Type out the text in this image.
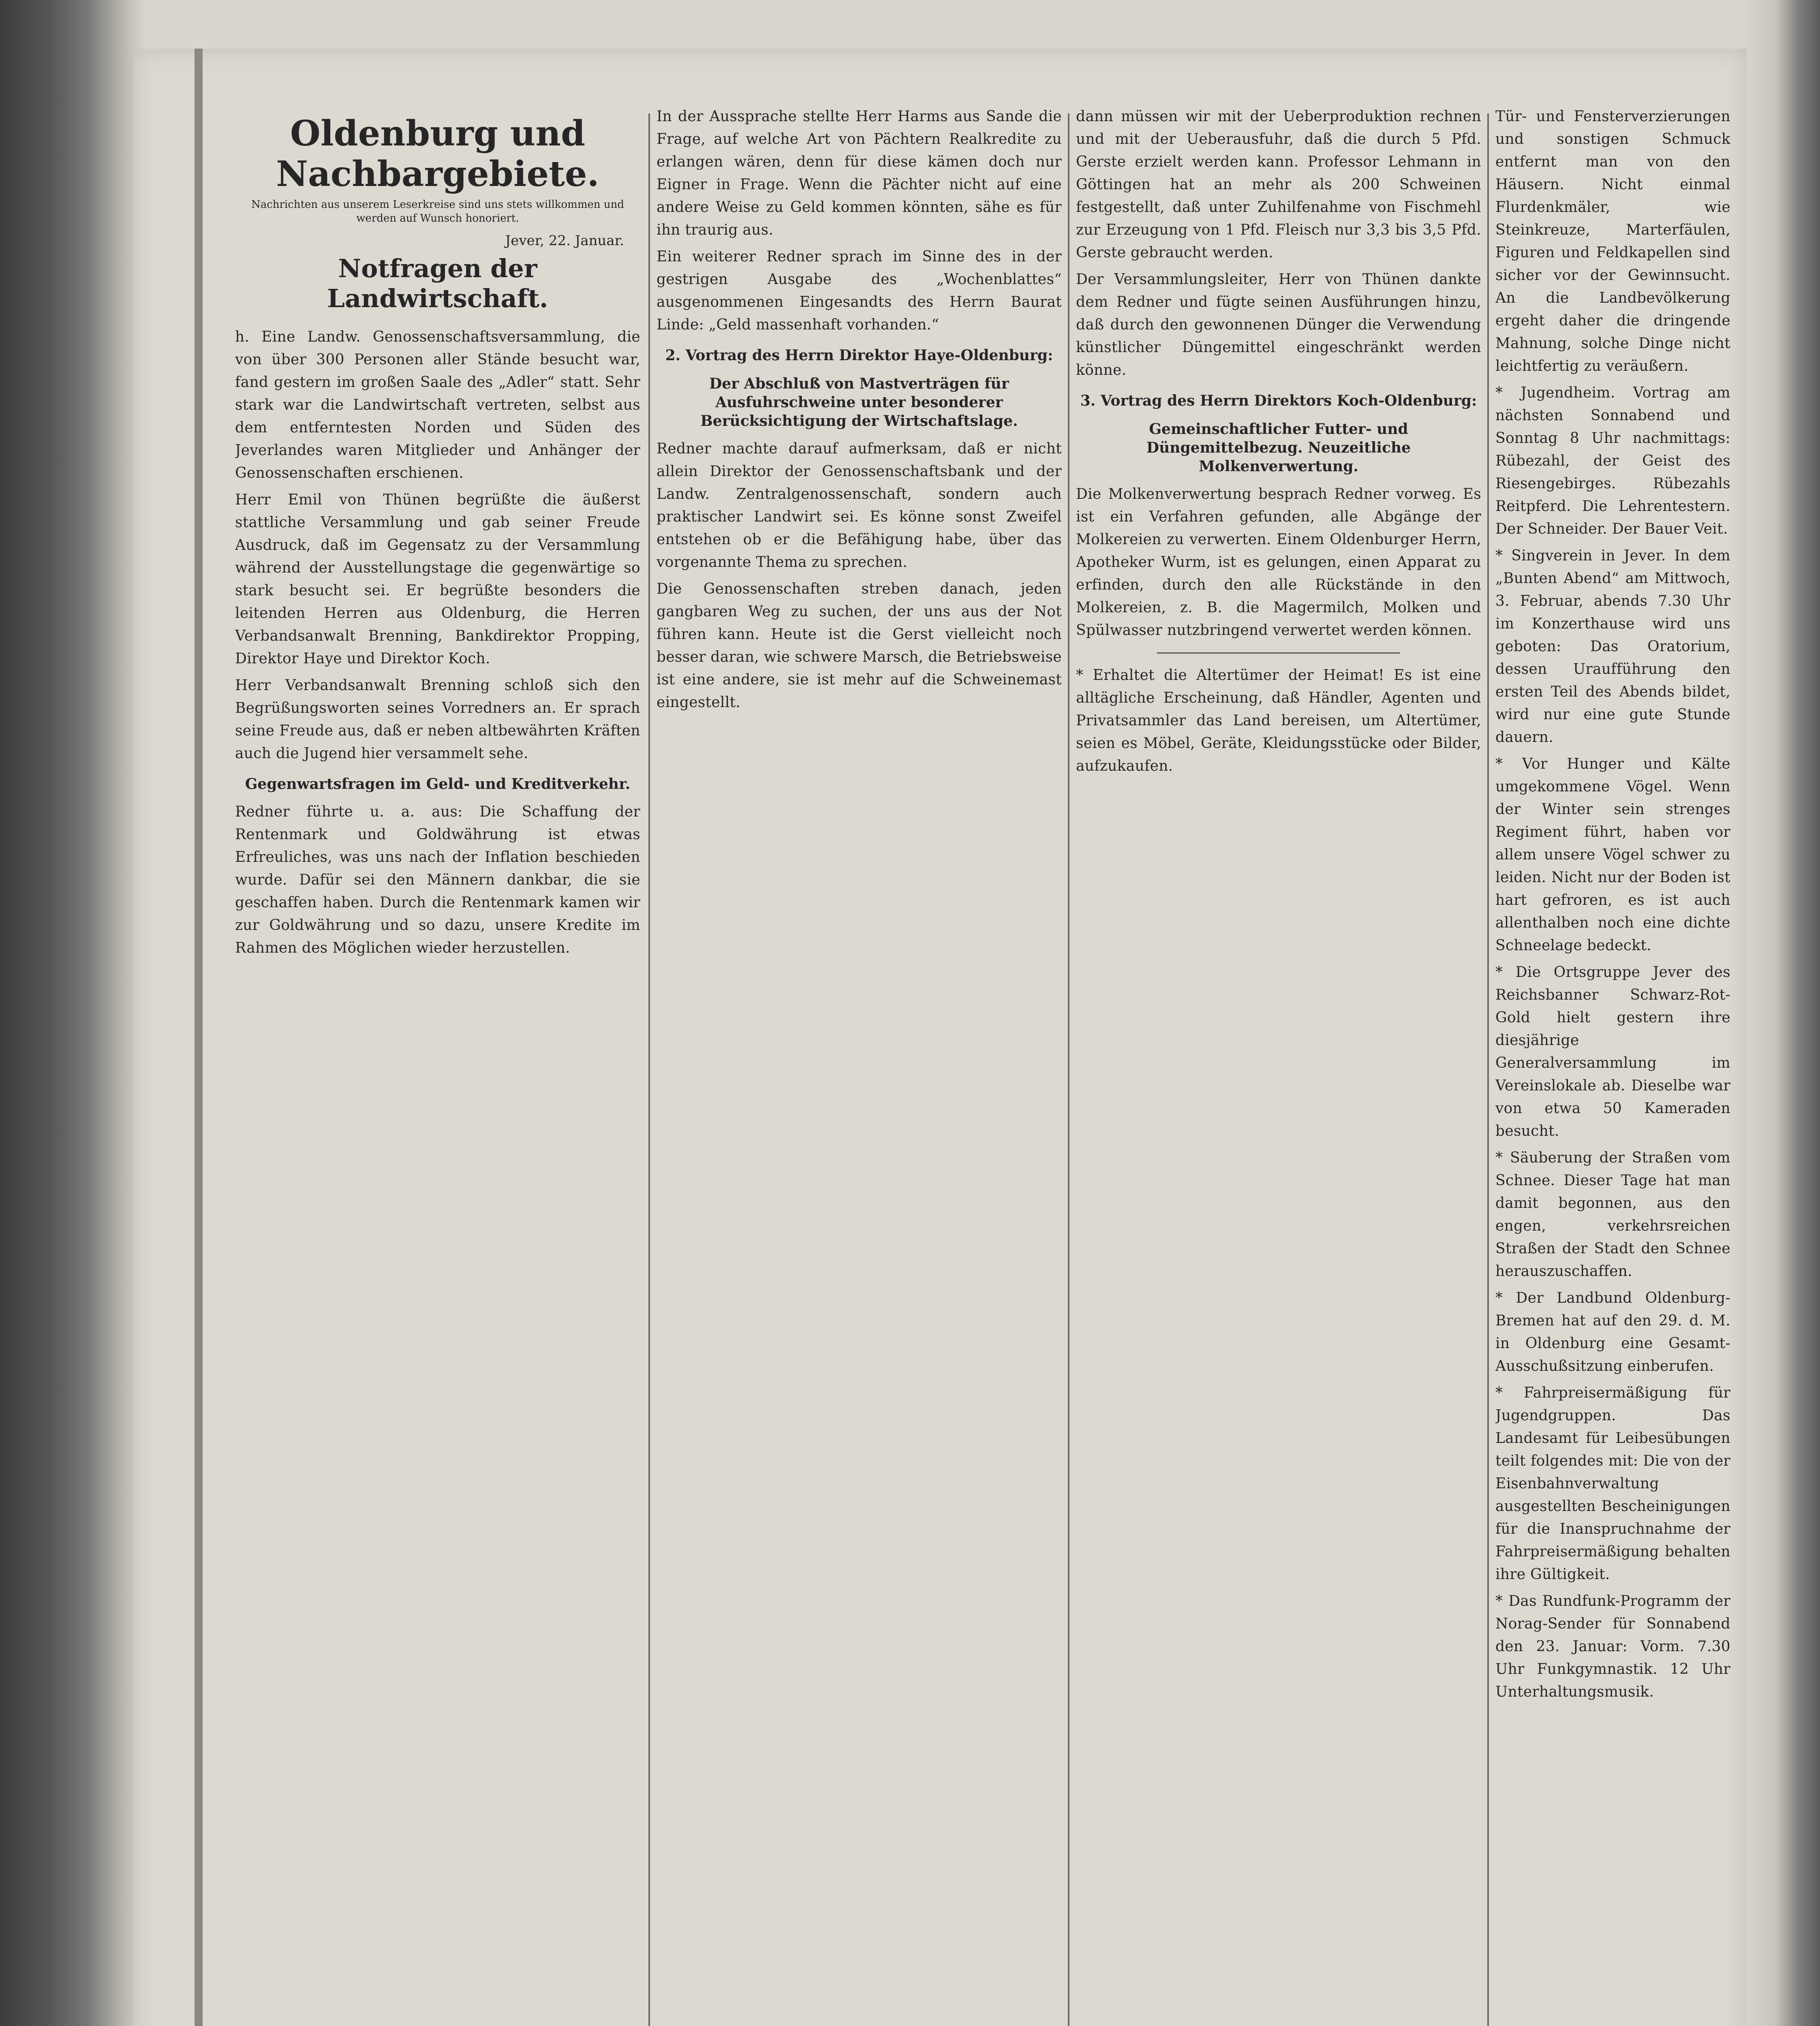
Oldenburg und Nachbargebiete.
Nachrichten aus unserem Leserkreise sind uns stets willkommen und werden auf Wunsch honoriert.
Jever, 22. Januar.
Notfragen der Landwirtschaft.

h. Eine Landw. Genossenschaftsversammlung, die von über 300 Personen aller Stände besucht war, fand gestern im großen Saale des „Adler“ statt. Sehr stark war die Landwirtschaft vertreten, selbst aus dem entferntesten Norden und Süden des Jeverlandes waren Mitglieder und Anhänger der Genossenschaften erschienen.

Herr Emil von Thünen begrüßte die äußerst stattliche Versammlung und gab seiner Freude Ausdruck, daß im Gegensatz zu der Versammlung während der Ausstellungstage die gegenwärtige so stark besucht sei. Er begrüßte besonders die leitenden Herren aus Oldenburg, die Herren Verbandsanwalt Brenning, Bankdirektor Propping, Direktor Haye und Direktor Koch.

Herr Verbandsanwalt Brenning schloß sich den Begrüßungsworten seines Vorredners an. Er sprach seine Freude aus, daß er neben altbewährten Kräften auch die Jugend hier versammelt sehe.

Gegenwartsfragen im Geld- und Kreditverkehr.

Redner führte u. a. aus: Die Schaffung der Rentenmark und Goldwährung ist etwas Erfreuliches, was uns nach der Inflation beschieden wurde. Dafür sei den Männern dankbar, die sie geschaffen haben. Durch die Rentenmark kamen wir zur Goldwährung und so dazu, unsere Kredite im Rahmen des Möglichen wieder herzustellen.

In der Aussprache stellte Herr Harms aus Sande die Frage, auf welche Art von Pächtern Realkredite zu erlangen wären, denn für diese kämen doch nur Eigner in Frage. Wenn die Pächter nicht auf eine andere Weise zu Geld kommen könnten, sähe es für ihn traurig aus.

Ein weiterer Redner sprach im Sinne des in der gestrigen Ausgabe des „Wochenblattes“ ausgenommenen Eingesandts des Herrn Baurat Linde: „Geld massenhaft vorhanden.“

2. Vortrag des Herrn Direktor Haye-Oldenburg:
Der Abschluß von Mastverträgen für Ausfuhrschweine unter besonderer Berücksichtigung der Wirtschaftslage.

Redner machte darauf aufmerksam, daß er nicht allein Direktor der Genossenschaftsbank und der Landw. Zentralgenossenschaft, sondern auch praktischer Landwirt sei. Es könne sonst Zweifel entstehen ob er die Befähigung habe, über das vorgenannte Thema zu sprechen.

Die Genossenschaften streben danach, jeden gangbaren Weg zu suchen, der uns aus der Not führen kann. Heute ist die Gerst vielleicht noch besser daran, wie schwere Marsch, die Betriebsweise ist eine andere, sie ist mehr auf die Schweinemast eingestellt.

dann müssen wir mit der Ueberproduktion rechnen und mit der Ueberausfuhr, daß die durch 5 Pfd. Gerste erzielt werden kann. Professor Lehmann in Göttingen hat an mehr als 200 Schweinen festgestellt, daß unter Zuhilfenahme von Fischmehl zur Erzeugung von 1 Pfd. Fleisch nur 3,3 bis 3,5 Pfd. Gerste gebraucht werden.

Der Versammlungsleiter, Herr von Thünen dankte dem Redner und fügte seinen Ausführungen hinzu, daß durch den gewonnenen Dünger die Verwendung künstlicher Düngemittel eingeschränkt werden könne.

3. Vortrag des Herrn Direktors Koch-Oldenburg:
Gemeinschaftlicher Futter- und Düngemittelbezug. Neuzeitliche Molkenverwertung.

Die Molkenverwertung besprach Redner vorweg. Es ist ein Verfahren gefunden, alle Abgänge der Molkereien zu verwerten. Einem Oldenburger Herrn, Apotheker Wurm, ist es gelungen, einen Apparat zu erfinden, durch den alle Rückstände in den Molkereien, z. B. die Magermilch, Molken und Spülwasser nutzbringend verwertet werden können.

* Erhaltet die Altertümer der Heimat! Es ist eine alltägliche Erscheinung, daß Händler, Agenten und Privatsammler das Land bereisen, um Altertümer, seien es Möbel, Geräte, Kleidungsstücke oder Bilder, aufzukaufen.

Tür- und Fensterverzierungen und sonstigen Schmuck entfernt man von den Häusern. Nicht einmal Flurdenkmäler, wie Steinkreuze, Marterfäulen, Figuren und Feldkapellen sind sicher vor der Gewinnsucht. An die Landbevölkerung ergeht daher die dringende Mahnung, solche Dinge nicht leichtfertig zu veräußern.

* Jugendheim. Vortrag am nächsten Sonnabend und Sonntag 8 Uhr nachmittags: Rübezahl, der Geist des Riesengebirges. Rübezahls Reitpferd. Die Lehrentestern. Der Schneider. Der Bauer Veit.

* Singverein in Jever. In dem „Bunten Abend“ am Mittwoch, 3. Februar, abends 7.30 Uhr im Konzerthause wird uns geboten: Das Oratorium, dessen Uraufführung den ersten Teil des Abends bildet, wird nur eine gute Stunde dauern.

* Vor Hunger und Kälte umgekommene Vögel. Wenn der Winter sein strenges Regiment führt, haben vor allem unsere Vögel schwer zu leiden. Nicht nur der Boden ist hart gefroren, es ist auch allenthalben noch eine dichte Schneelage bedeckt.

* Die Ortsgruppe Jever des Reichsbanner Schwarz-Rot-Gold hielt gestern ihre diesjährige Generalversammlung im Vereinslokale ab. Dieselbe war von etwa 50 Kameraden besucht.

* Säuberung der Straßen vom Schnee. Dieser Tage hat man damit begonnen, aus den engen, verkehrsreichen Straßen der Stadt den Schnee herauszuschaffen.

* Der Landbund Oldenburg-Bremen hat auf den 29. d. M. in Oldenburg eine Gesamt-Ausschußsitzung einberufen.

* Fahrpreisermäßigung für Jugendgruppen. Das Landesamt für Leibesübungen teilt folgendes mit: Die von der Eisenbahnverwaltung ausgestellten Bescheinigungen für die Inanspruchnahme der Fahrpreisermäßigung behalten ihre Gültigkeit.

* Das Rundfunk-Programm der Norag-Sender für Sonnabend den 23. Januar: Vorm. 7.30 Uhr Funkgymnastik. 12 Uhr Unterhaltungsmusik.
